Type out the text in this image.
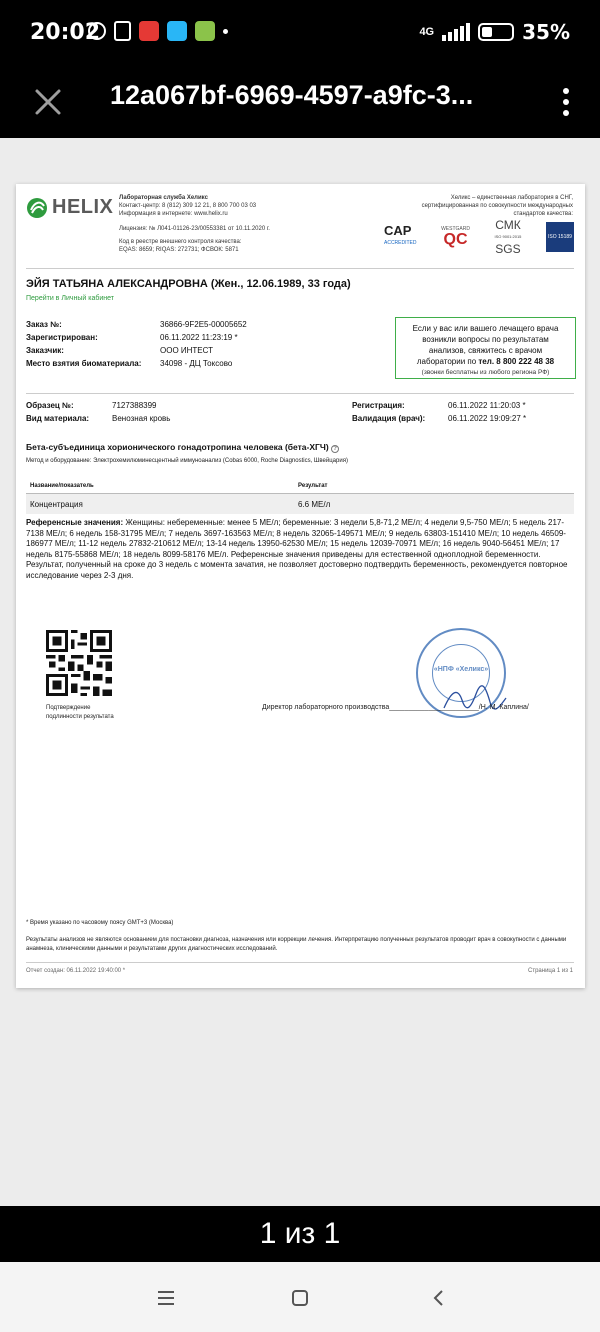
20:02	4G	35%
12a067bf-6969-4597-a9fc-3...
HELIX Лабораторная служба Хеликс
Контакт-центр: 8 (812) 309 12 21, 8 800 700 03 03
Информация в интернете: www.helix.ru
Лицензия: № Л041-01126-23/00553381 от 10.11.2020 г.
Код в реестре внешнего контроля качества:
EQAS: 8659; RIQAS: 272731; ФСВОК: 5871
Хеликс – единственная лаборатория в СНГ,
сертифицированная по совокупности международных
стандартов качества:
CAP
ACCREDITED
WESTGARD
QC
СМК
ISO 9001:2015
SGS
ISO 15189
ЭЙЯ ТАТЬЯНА АЛЕКСАНДРОВНА (Жен., 12.06.1989, 33 года)
Перейти в Личный кабинет
Заказ №:	36866-9F2E5-00005652
Зарегистрирован:	06.11.2022 11:23:19 *
Заказчик:	ООО ИНТЕСТ
Место взятия биоматериала: 34098 - ДЦ Токсово
Если у вас или вашего лечащего врача
возникли вопросы по результатам
анализов, свяжитесь с врачом
лаборатории по тел. 8 800 222 48 38
(звонки бесплатны из любого региона РФ)
Образец №:	7127388399
Вид материала:	Венозная кровь
Регистрация:	06.11.2022 11:20:03 *
Валидация (врач):	06.11.2022 19:09:27 *
Бета-субъединица хорионического гонадотропина человека (бета-ХГЧ) ?
Метод и оборудование: Электрохемилюминесцентный иммуноанализ (Cobas 6000, Roche Diagnostics, Швейцария)
Название/показатель	Результат
Концентрация	6.6 МЕ/л
Референсные значения: Женщины: небеременные: менее 5 МЕ/л; беременные: 3 недели 5,8-71,2 МЕ/л; 4 недели 9,5-750 МЕ/л; 5 недель 217-7138 МЕ/л; 6 недель 158-31795 МЕ/л; 7 недель 3697-163563 МЕ/л; 8 недель 32065-149571 МЕ/л; 9 недель 63803-151410 МЕ/л; 10 недель 46509-186977 МЕ/л; 11-12 недель 27832-210612 МЕ/л; 13-14 недель 13950-62530 МЕ/л; 15 недель 12039-70971 МЕ/л; 16 недель 9040-56451 МЕ/л; 17 недель 8175-55868 МЕ/л; 18 недель 8099-58176 МЕ/л. Референсные значения приведены для естественной одноплодной беременности. Результат, полученный на сроке до 3 недель с момента зачатия, не позволяет достоверно подтвердить беременность, рекомендуется повторное исследование через 2-3 дня.
Подтверждение
подлинности результата
«НПФ «Хеликс»
Директор лабораторного производства_______________________/Н. М. Каплина/
* Время указано по часовому поясу GMT+3 (Москва)
Результаты анализов не являются основанием для постановки диагноза, назначения или коррекции лечения. Интерпретацию полученных результатов проводит врач в совокупности с данными анамнеза, клиническими данными и результатами других диагностических исследований.
Отчет создан: 06.11.2022 19:40:00 *	Страница 1 из 1
1 из 1
